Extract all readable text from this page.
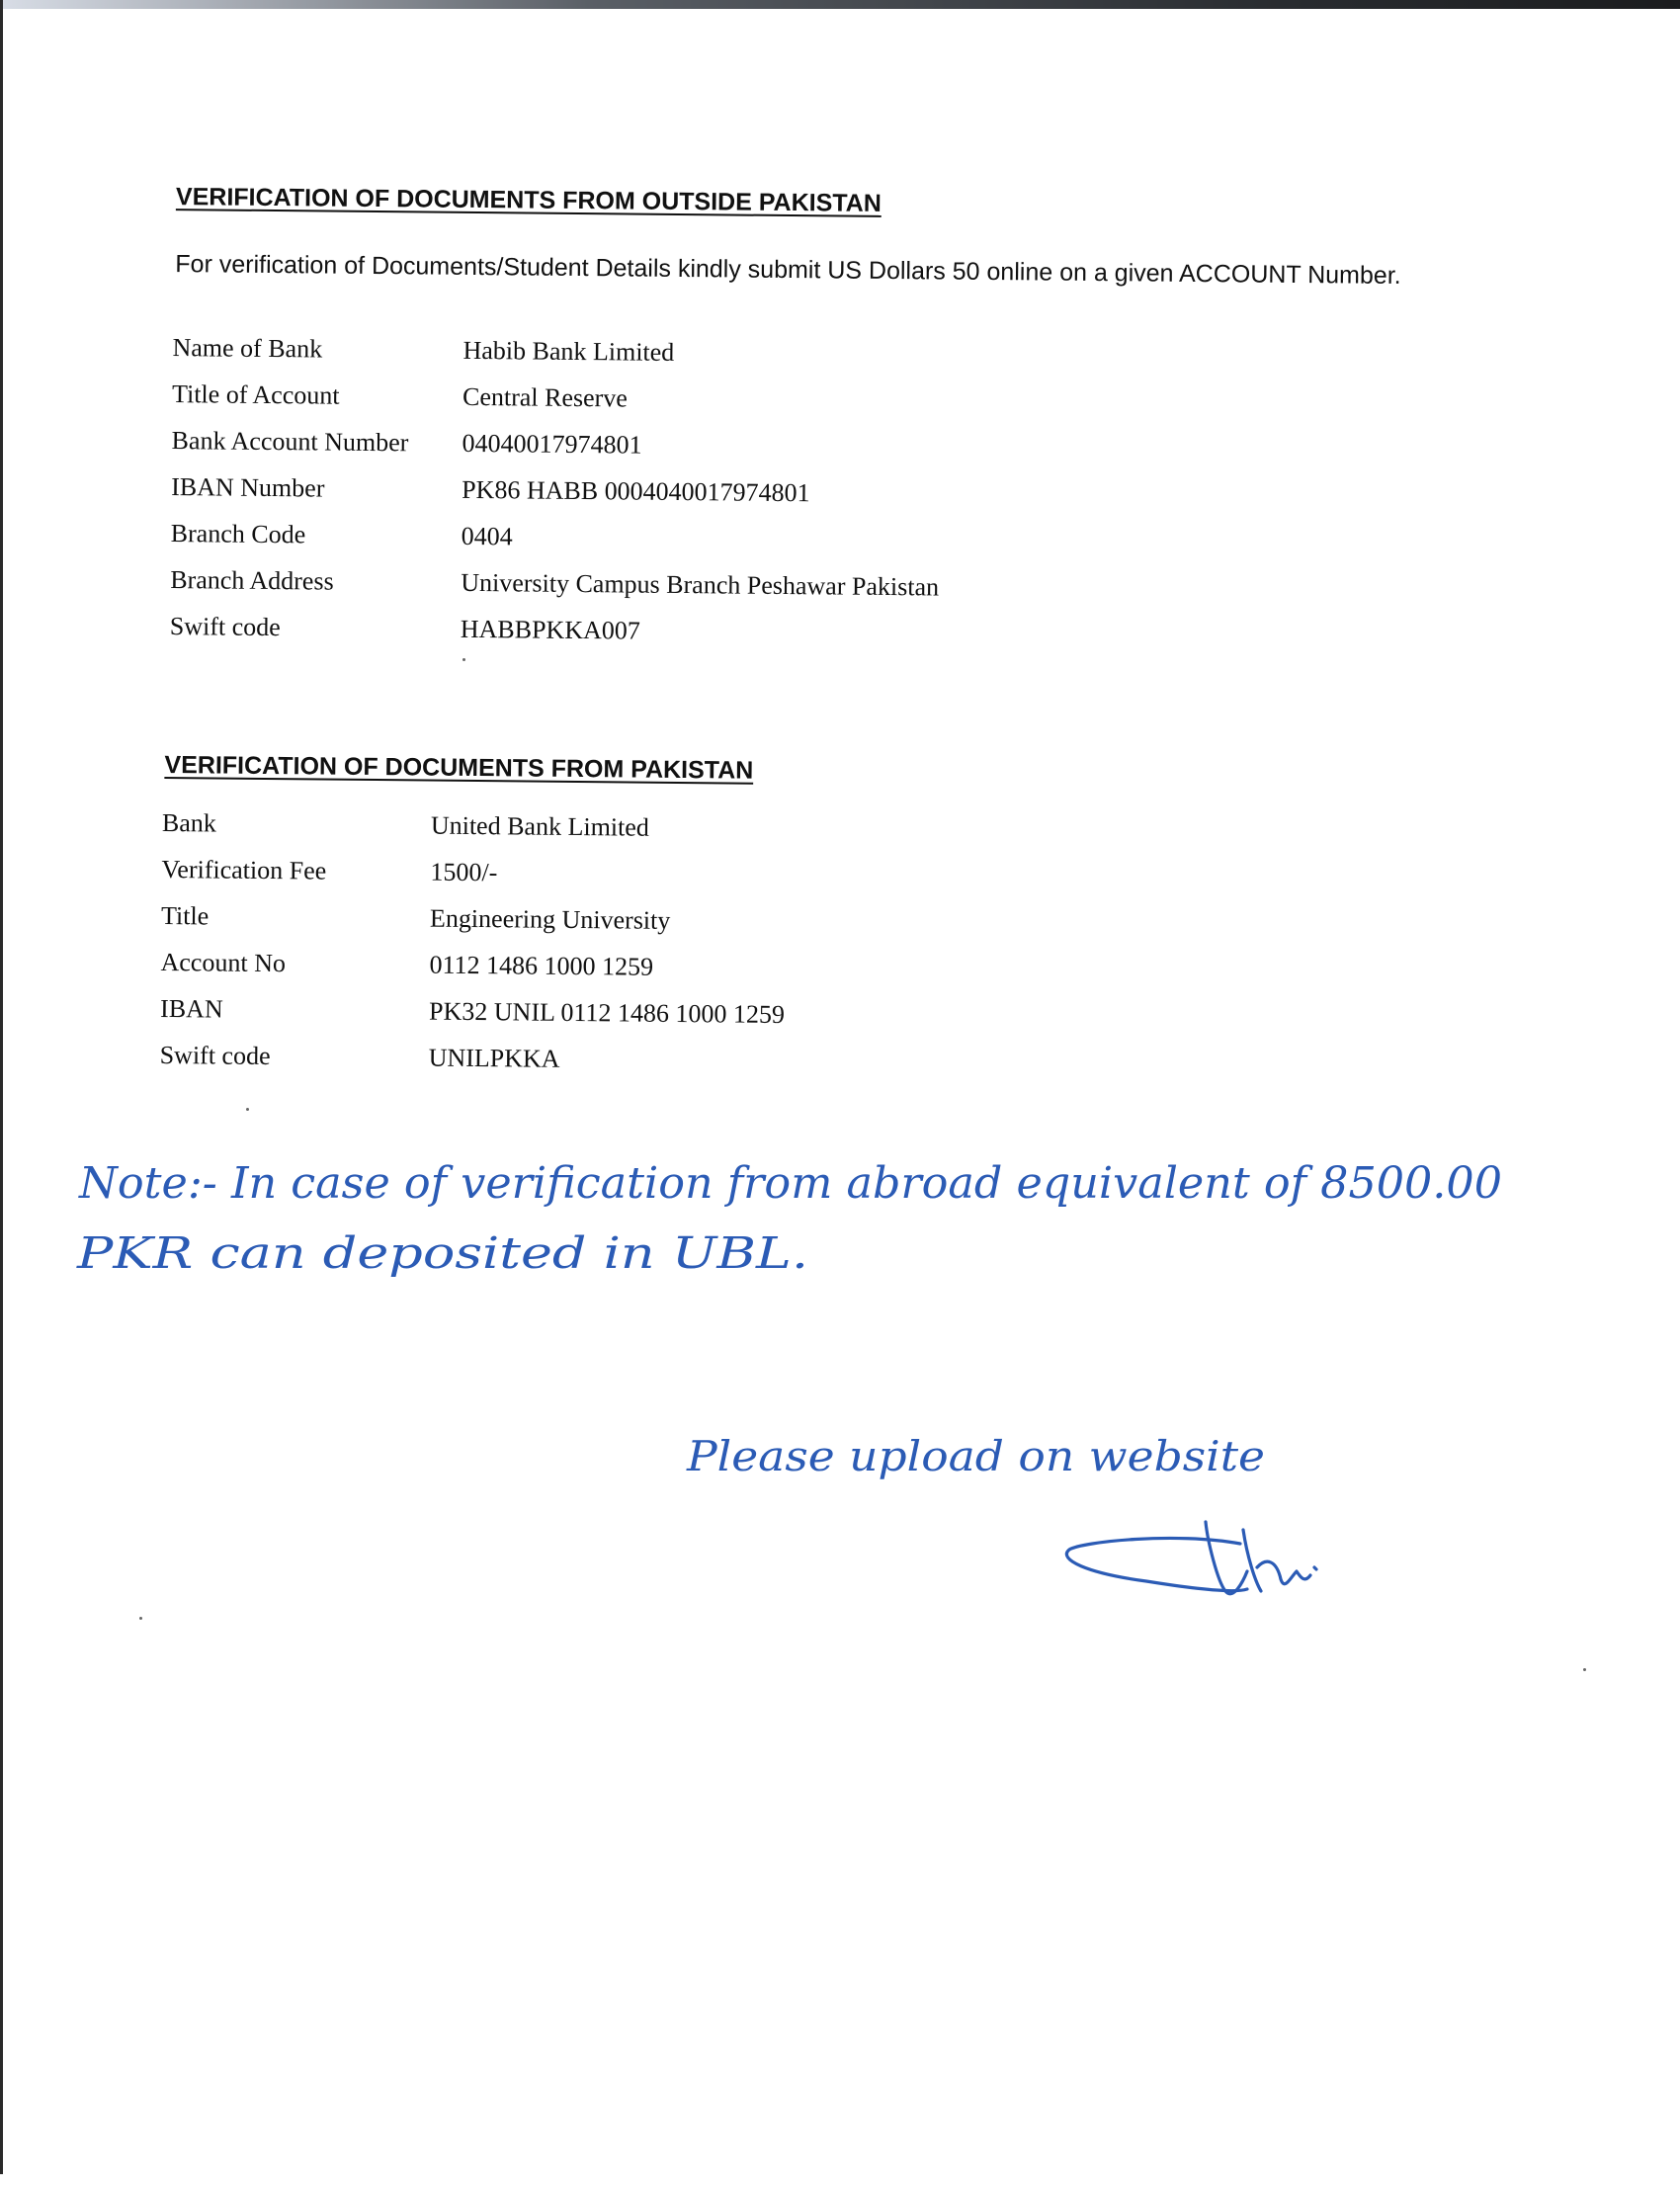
VERIFICATION OF DOCUMENTS FROM OUTSIDE PAKISTAN

For verification of Documents/Student Details kindly submit US Dollars 50 online on a given ACCOUNT Number.

Name of Bank	Habib Bank Limited
Title of Account	Central Reserve
Bank Account Number	04040017974801
IBAN Number	PK86 HABB 0004040017974801
Branch Code	0404
Branch Address	University Campus Branch Peshawar Pakistan
Swift code	HABBPKKA007
VERIFICATION OF DOCUMENTS FROM PAKISTAN
Bank	United Bank Limited
Verification Fee	1500/-
Title	Engineering University
Account No	0112 1486 1000 1259
IBAN	PK32 UNIL 0112 1486 1000 1259
Swift code	UNILPKKA
Note:- In case of verification from abroad equivalent of 8500.00
PKR can deposited in UBL.
Please upload on website
